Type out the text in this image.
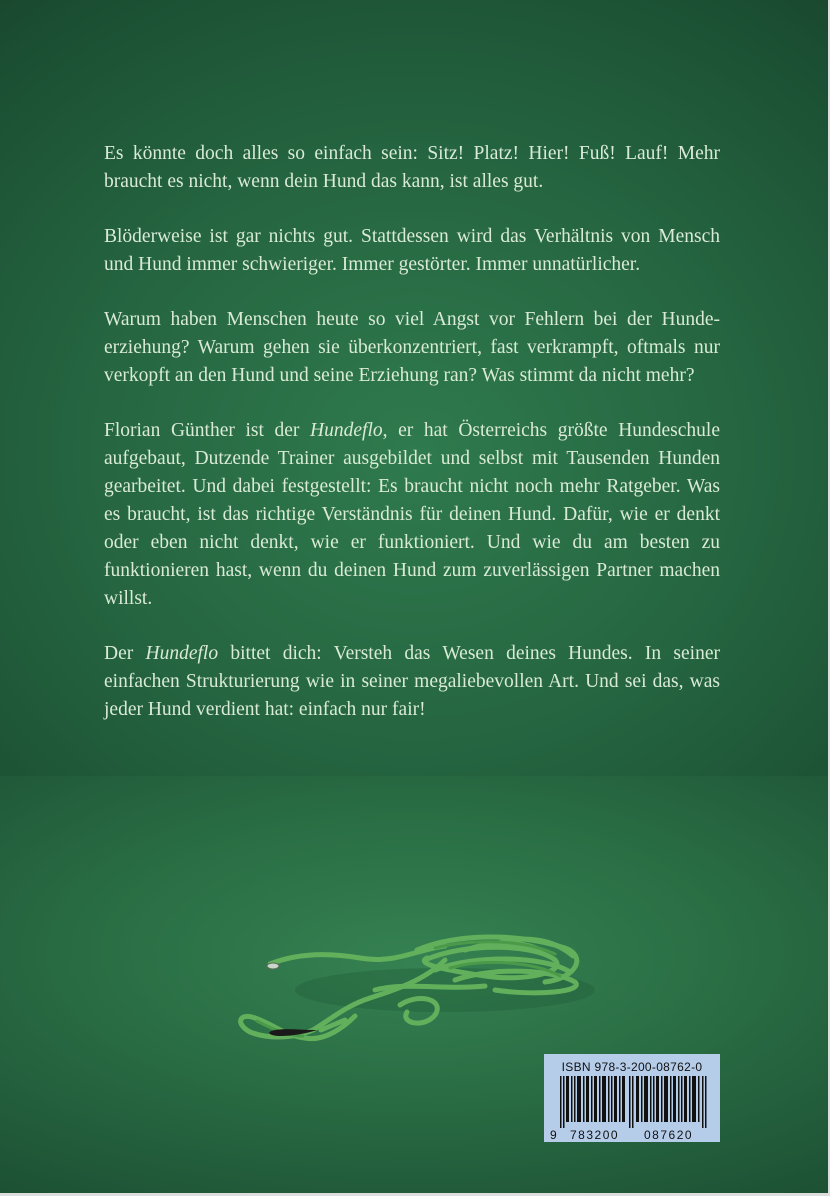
Es könnte doch alles so einfach sein: Sitz! Platz! Hier! Fuß! Lauf! Mehr braucht es nicht, wenn dein Hund das kann, ist alles gut.

Blöderweise ist gar nichts gut. Stattdessen wird das Verhältnis von Mensch und Hund immer schwieriger. Immer gestörter. Immer unnatürlicher.

Warum haben Menschen heute so viel Angst vor Fehlern bei der Hundeerziehung? Warum gehen sie überkonzentriert, fast verkrampft, oftmals nur verkopft an den Hund und seine Erziehung ran? Was stimmt da nicht mehr?

Florian Günther ist der Hundeflo, er hat Österreichs größte Hundeschule aufgebaut, Dutzende Trainer ausgebildet und selbst mit Tausenden Hunden gearbeitet. Und dabei festgestellt: Es braucht nicht noch mehr Ratgeber. Was es braucht, ist das richtige Verständnis für deinen Hund. Dafür, wie er denkt oder eben nicht denkt, wie er funktioniert. Und wie du am besten zu funktionieren hast, wenn du deinen Hund zum zuverlässigen Partner machen willst.

Der Hundeflo bittet dich: Versteh das Wesen deines Hundes. In seiner einfachen Strukturierung wie in seiner megaliebevollen Art. Und sei das, was jeder Hund verdient hat: einfach nur fair!

ISBN 978-3-200-08762-0
9 783200 087620
